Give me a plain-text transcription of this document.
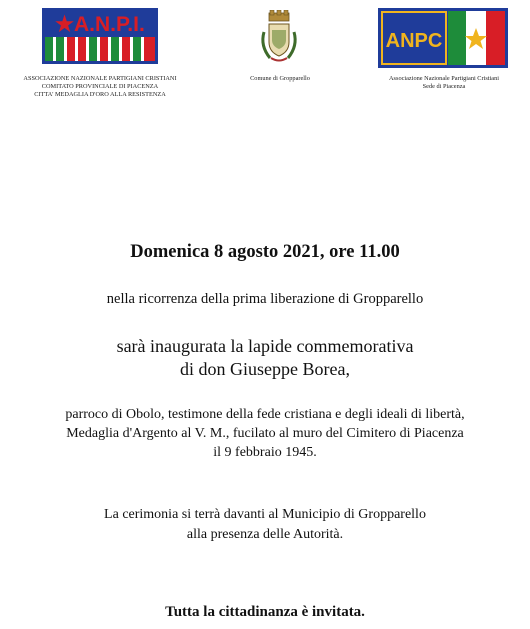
★A.N.P.I.
ASSOCIAZIONE NAZIONALE PARTIGIANI CRISTIANI
COMITATO PROVINCIALE DI PIACENZA
CITTA' MEDAGLIA D'ORO ALLA RESISTENZA
Comune di Gropparello
ANPC
Associazione Nazionale Partigiani Cristiani
Sede di Piacenza
Domenica 8 agosto 2021, ore 11.00
nella ricorrenza della prima liberazione di Gropparello
sarà inaugurata la lapide commemorativa
di don Giuseppe Borea,
parroco di Obolo, testimone della fede cristiana e degli ideali di libertà,
Medaglia d'Argento al V. M., fucilato al muro del Cimitero di Piacenza
il 9 febbraio 1945.
La cerimonia si terrà davanti al Municipio di Gropparello
alla presenza delle Autorità.
Tutta la cittadinanza è invitata.
